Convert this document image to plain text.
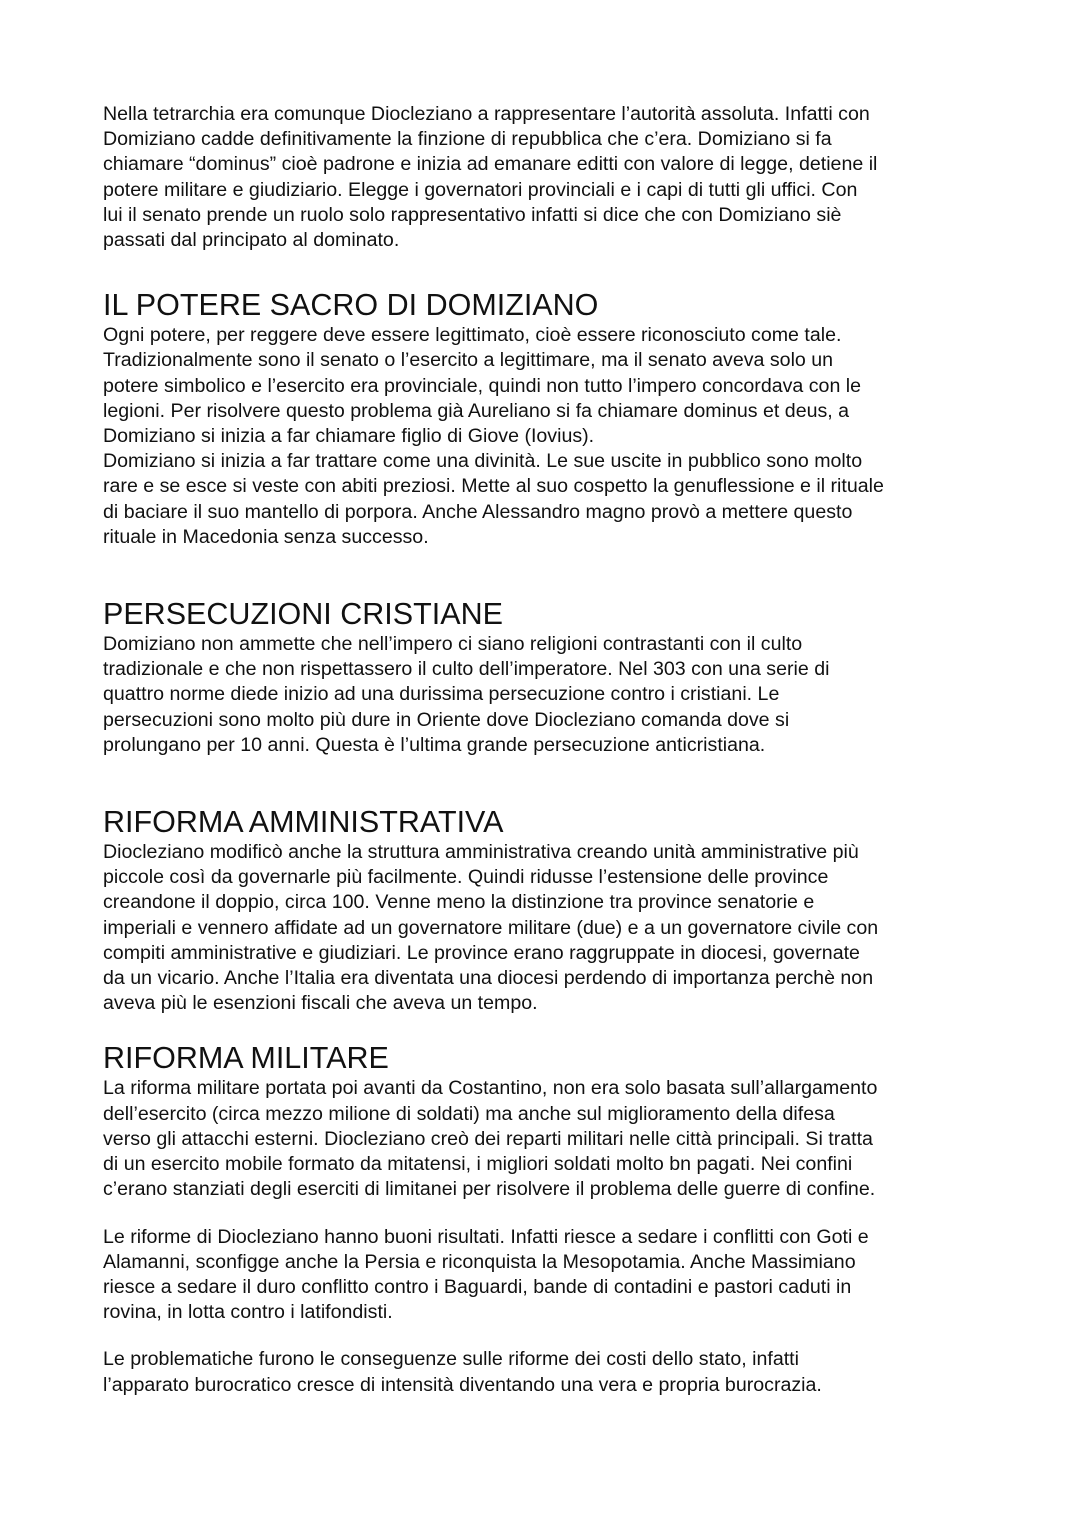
Nella tetrarchia era comunque Diocleziano a rappresentare l’autorità assoluta. Infatti con
Domiziano cadde definitivamente la finzione di repubblica che c’era. Domiziano si fa
chiamare “dominus” cioè padrone e inizia ad emanare editti con valore di legge, detiene il
potere militare e giudiziario. Elegge i governatori provinciali e i capi di tutti gli uffici. Con
lui il senato prende un ruolo solo rappresentativo infatti si dice che con Domiziano siè
passati dal principato al dominato.
IL POTERE SACRO DI DOMIZIANO
Ogni potere, per reggere deve essere legittimato, cioè essere riconosciuto come tale.
Tradizionalmente sono il senato o l’esercito a legittimare, ma il senato aveva solo un
potere simbolico e l’esercito era provinciale, quindi non tutto l’impero concordava con le
legioni. Per risolvere questo problema già Aureliano si fa chiamare dominus et deus, a
Domiziano si inizia a far chiamare figlio di Giove (Iovius).
Domiziano si inizia a far trattare come una divinità. Le sue uscite in pubblico sono molto
rare e se esce si veste con abiti preziosi. Mette al suo cospetto la genuflessione e il rituale
di baciare il suo mantello di porpora. Anche Alessandro magno provò a mettere questo
rituale in Macedonia senza successo.
PERSECUZIONI CRISTIANE
Domiziano non ammette che nell’impero ci siano religioni contrastanti con il culto
tradizionale e che non rispettassero il culto dell’imperatore. Nel 303 con una serie di
quattro norme diede inizio ad una durissima persecuzione contro i cristiani. Le
persecuzioni sono molto più dure in Oriente dove Diocleziano comanda dove si
prolungano per 10 anni. Questa è l’ultima grande persecuzione anticristiana.
RIFORMA AMMINISTRATIVA
Diocleziano modificò anche la struttura amministrativa creando unità amministrative più
piccole così da governarle più facilmente. Quindi ridusse l’estensione delle province
creandone il doppio, circa 100. Venne meno la distinzione tra province senatorie e
imperiali e vennero affidate ad un governatore militare (due) e a un governatore civile con
compiti amministrative e giudiziari. Le province erano raggruppate in diocesi, governate
da un vicario. Anche l’Italia era diventata una diocesi perdendo di importanza perchè non
aveva più le esenzioni fiscali che aveva un tempo.
RIFORMA MILITARE
La riforma militare portata poi avanti da Costantino, non era solo basata sull’allargamento
dell’esercito (circa mezzo milione di soldati) ma anche sul miglioramento della difesa
verso gli attacchi esterni. Diocleziano creò dei reparti militari nelle città principali. Si tratta
di un esercito mobile formato da mitatensi, i migliori soldati molto bn pagati. Nei confini
c’erano stanziati degli eserciti di limitanei per risolvere il problema delle guerre di confine.
Le riforme di Diocleziano hanno buoni risultati. Infatti riesce a sedare i conflitti con Goti e
Alamanni, sconfigge anche la Persia e riconquista la Mesopotamia. Anche Massimiano
riesce a sedare il duro conflitto contro i Baguardi, bande di contadini e pastori caduti in
rovina, in lotta contro i latifondisti.
Le problematiche furono le conseguenze sulle riforme dei costi dello stato, infatti
l’apparato burocratico cresce di intensità diventando una vera e propria burocrazia.
